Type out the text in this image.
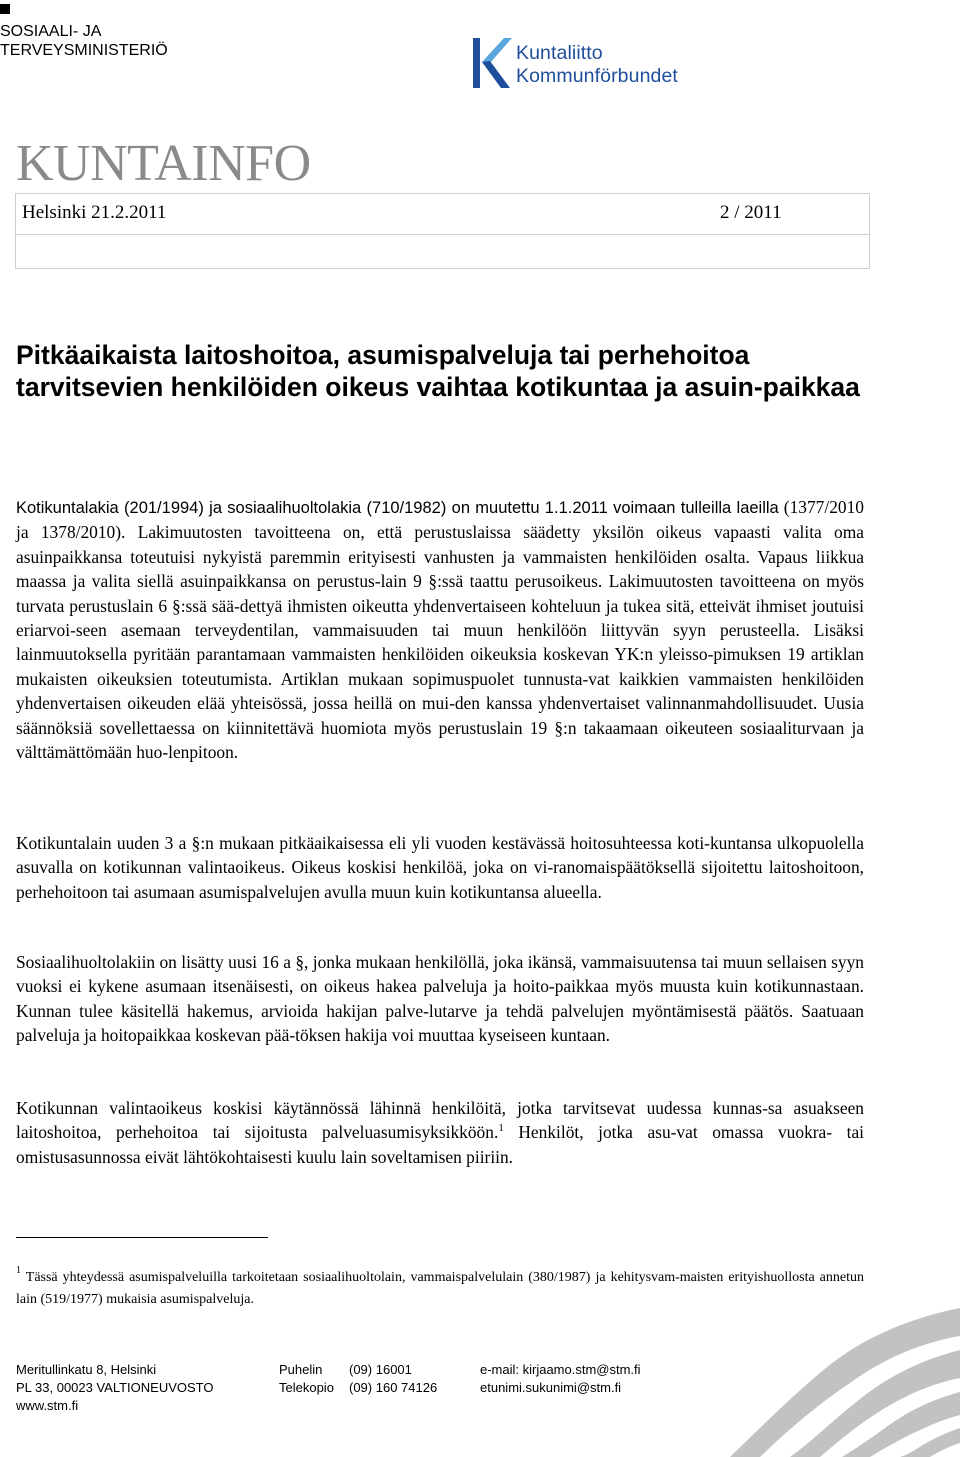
SOSIAALI- JA
TERVEYSMINISTERIÖ	Kuntaliitto
Kommunförbundet
KUNTAINFO
Helsinki 21.2.2011	2 / 2011
Pitkäaikaista laitoshoitoa, asumispalveluja tai perhehoitoa tarvitsevien henkilöiden oikeus vaihtaa kotikuntaa ja asuin-paikkaa

Kotikuntalakia (201/1994) ja sosiaalihuoltolakia (710/1982) on muutettu 1.1.2011 voimaan tulleilla laeilla (1377/2010 ja 1378/2010). Lakimuutosten tavoitteena on, että perustuslaissa säädetty yksilön oikeus vapaasti valita oma asuinpaikkansa toteutuisi nykyistä paremmin erityisesti vanhusten ja vammaisten henkilöiden osalta. Vapaus liikkua maassa ja valita siellä asuinpaikkansa on perustus-lain 9 §:ssä taattu perusoikeus. Lakimuutosten tavoitteena on myös turvata perustuslain 6 §:ssä sää-dettyä ihmisten oikeutta yhdenvertaiseen kohteluun ja tukea sitä, etteivät ihmiset joutuisi eriarvoi-seen asemaan terveydentilan, vammaisuuden tai muun henkilöön liittyvän syyn perusteella. Lisäksi lainmuutoksella pyritään parantamaan vammaisten henkilöiden oikeuksia koskevan YK:n yleisso-pimuksen 19 artiklan mukaisten oikeuksien toteutumista. Artiklan mukaan sopimuspuolet tunnusta-vat kaikkien vammaisten henkilöiden yhdenvertaisen oikeuden elää yhteisössä, jossa heillä on mui-den kanssa yhdenvertaiset valinnanmahdollisuudet. Uusia säännöksiä sovellettaessa on kiinnitettävä huomiota myös perustuslain 19 §:n takaamaan oikeuteen sosiaaliturvaan ja välttämättömään huo-lenpitoon.

Kotikuntalain uuden 3 a §:n mukaan pitkäaikaisessa eli yli vuoden kestävässä hoitosuhteessa koti-kuntansa ulkopuolella asuvalla on kotikunnan valintaoikeus. Oikeus koskisi henkilöä, joka on vi-ranomaispäätöksellä sijoitettu laitoshoitoon, perhehoitoon tai asumaan asumispalvelujen avulla muun kuin kotikuntansa alueella.

Sosiaalihuoltolakiin on lisätty uusi 16 a §, jonka mukaan henkilöllä, joka ikänsä, vammaisuutensa tai muun sellaisen syyn vuoksi ei kykene asumaan itsenäisesti, on oikeus hakea palveluja ja hoito-paikkaa myös muusta kuin kotikunnastaan. Kunnan tulee käsitellä hakemus, arvioida hakijan palve-lutarve ja tehdä palvelujen myöntämisestä päätös. Saatuaan palveluja ja hoitopaikkaa koskevan pää-töksen hakija voi muuttaa kyseiseen kuntaan.

Kotikunnan valintaoikeus koskisi käytännössä lähinnä henkilöitä, jotka tarvitsevat uudessa kunnas-sa asuakseen laitoshoitoa, perhehoitoa tai sijoitusta palveluasumisyksikköön.$^1$ Henkilöt, jotka asu-vat omassa vuokra- tai omistusasunnossa eivät lähtökohtaisesti kuulu lain soveltamisen piiriin.

$^1$ Tässä yhteydessä asumispalveluilla tarkoitetaan sosiaalihuoltolain, vammaispalvelulain (380/1987) ja kehitysvam-maisten erityishuollosta annetun lain (519/1977) mukaisia asumispalveluja.

Meritullinkatu 8, Helsinki
PL 33, 00023 VALTIONEUVOSTO
www.stm.fi
Puhelin
Telekopio
(09) 16001
(09) 160 74126
e-mail: kirjaamo.stm@stm.fi
etunimi.sukunimi@stm.fi
